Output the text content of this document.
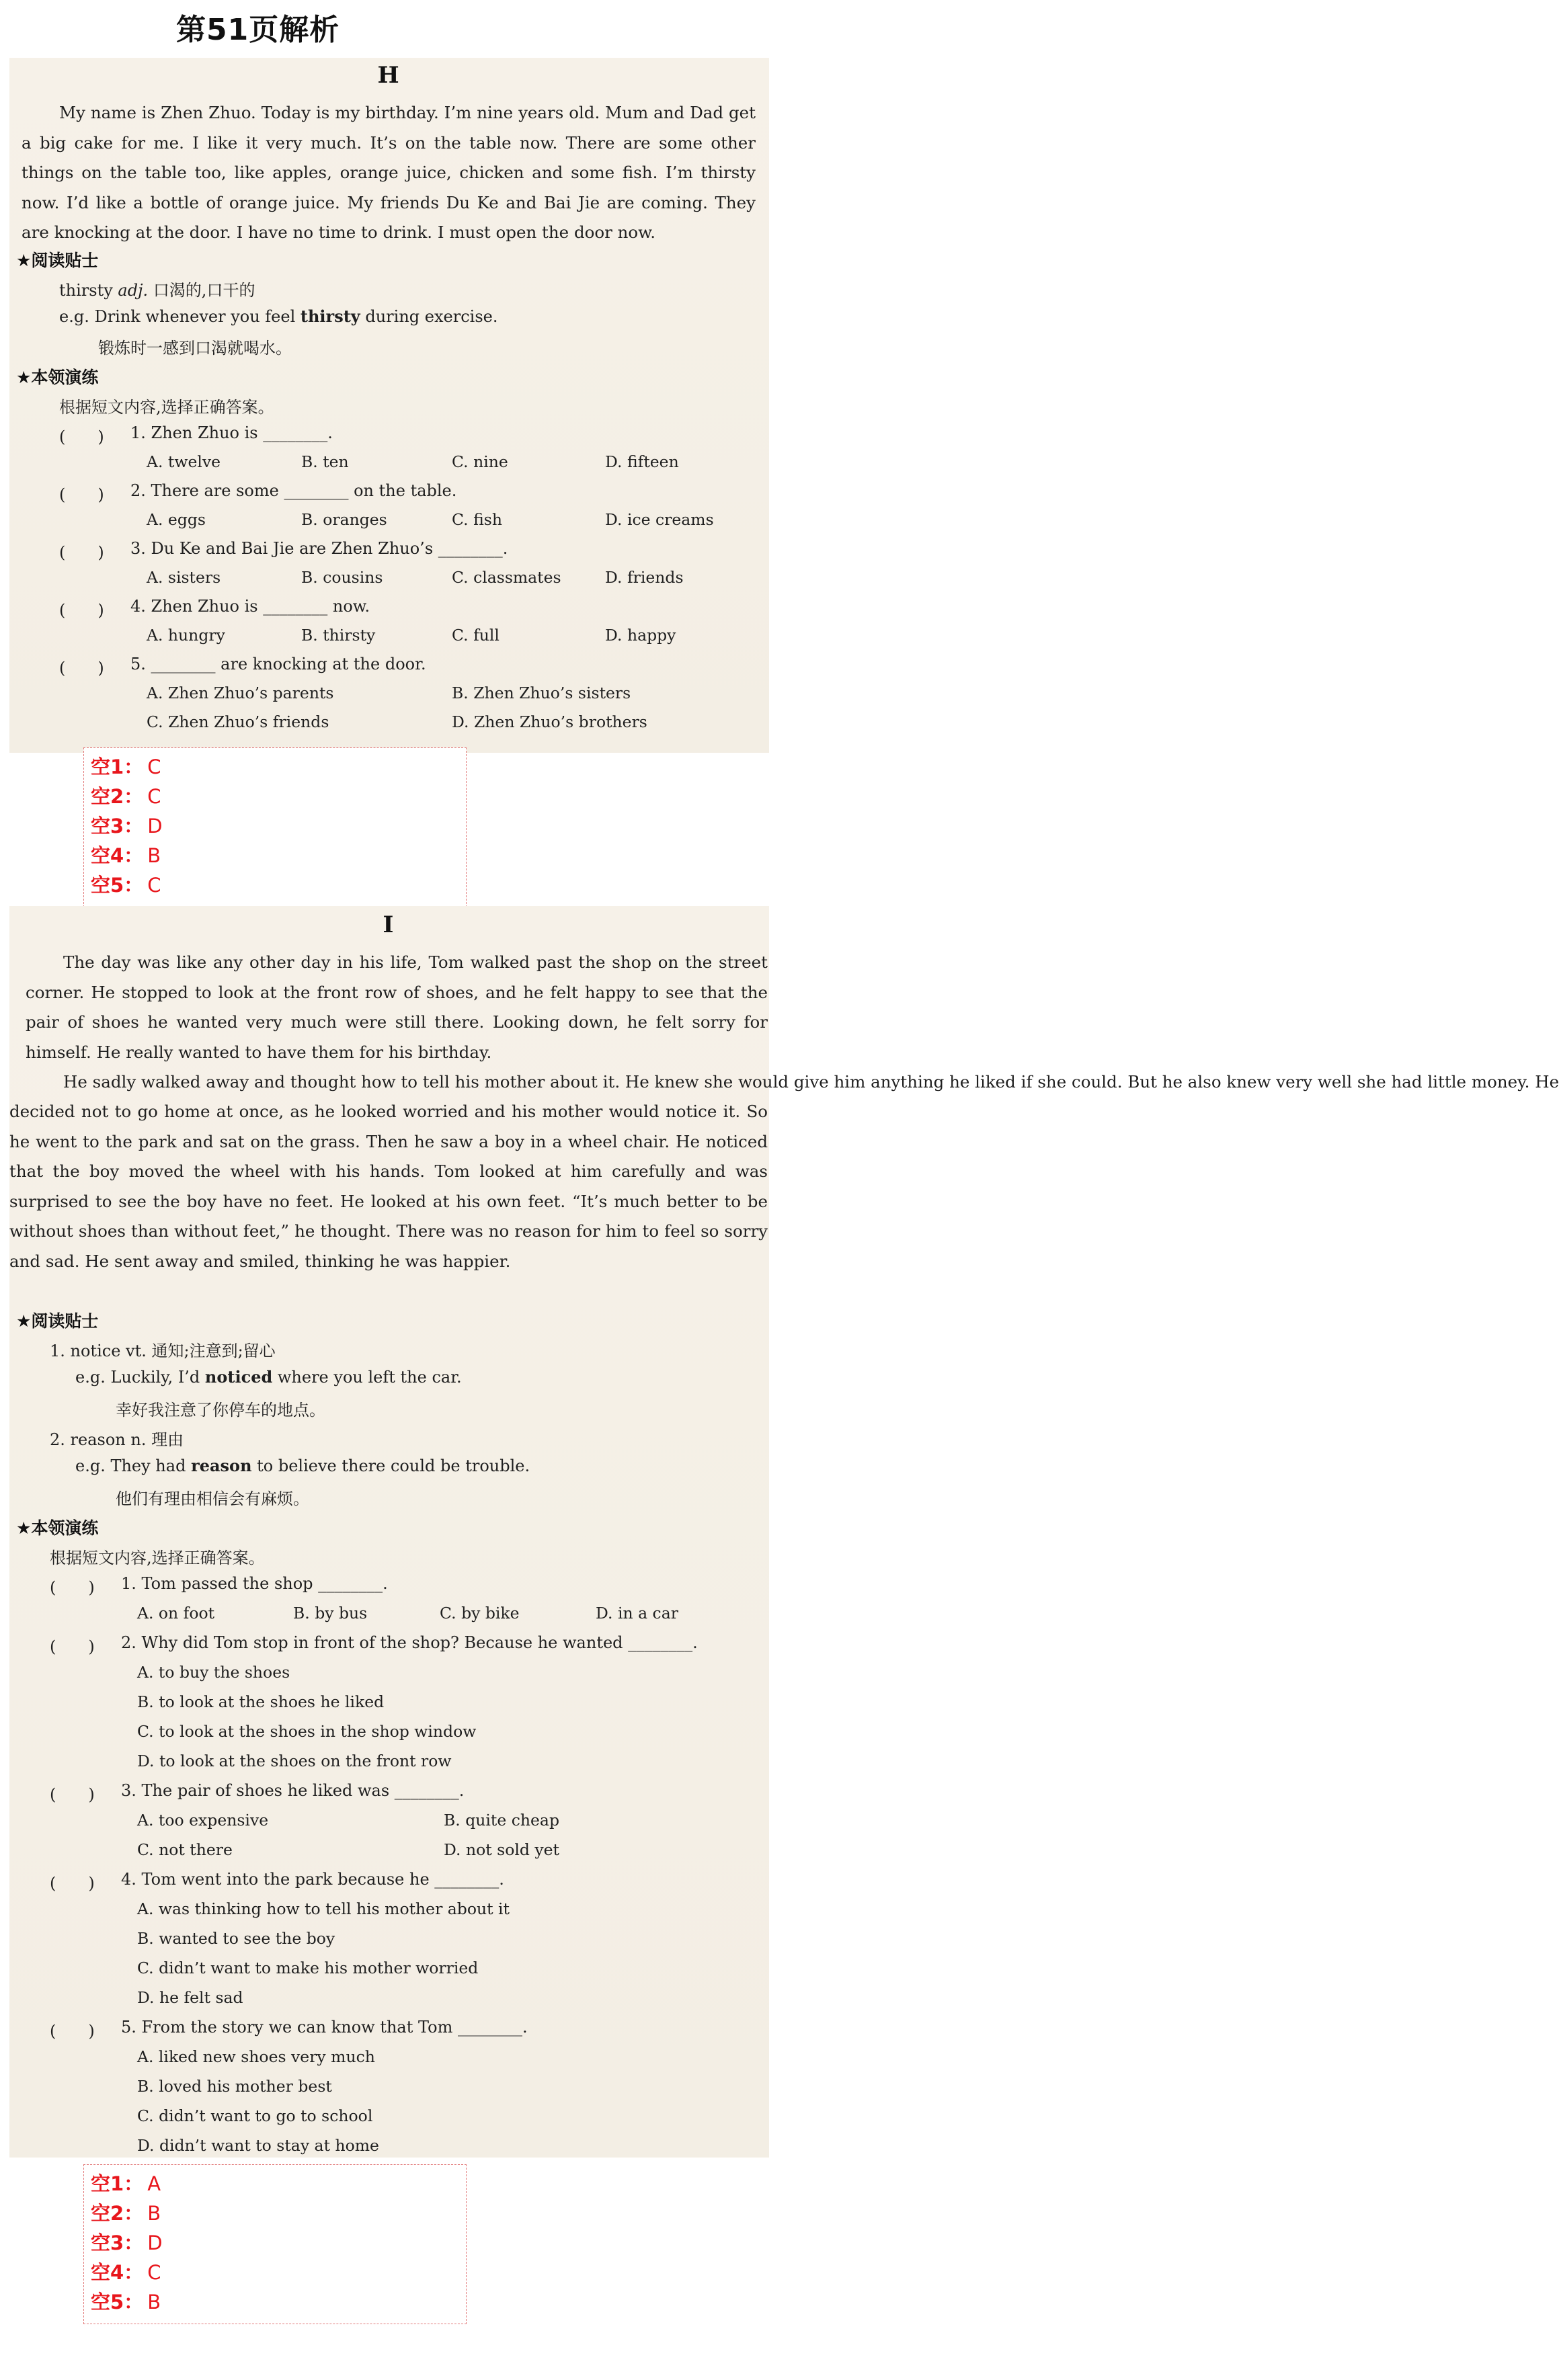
第51页解析
H
My name is Zhen Zhuo. Today is my birthday. I’m nine years old. Mum and Dad get a big cake for me. I like it very much. It’s on the table now. There are some other things on the table too, like apples, orange juice, chicken and some fish. I’m thirsty now. I’d like a bottle of orange juice. My friends Du Ke and Bai Jie are coming. They are knocking at the door. I have no time to drink. I must open the door now.
★阅读贴士
thirsty adj. 口渴的,口干的
e.g. Drink whenever you feel thirsty during exercise.
锻炼时一感到口渴就喝水。
★本领演练
根据短文内容,选择正确答案。
(　　) 1. Zhen Zhuo is ________.
A. twelve	B. ten	C. nine	D. fifteen
(　　) 2. There are some ________ on the table.
A. eggs	B. oranges	C. fish	D. ice creams
(　　) 3. Du Ke and Bai Jie are Zhen Zhuo’s ________.
A. sisters	B. cousins	C. classmates	D. friends
(　　) 4. Zhen Zhuo is ________ now.
A. hungry	B. thirsty	C. full	D. happy
(　　) 5. ________ are knocking at the door.
A. Zhen Zhuo’s parents	B. Zhen Zhuo’s sisters
C. Zhen Zhuo’s friends	D. Zhen Zhuo’s brothers
空1： C
空2： C
空3： D
空4： B
空5： C
I
The day was like any other day in his life, Tom walked past the shop on the street corner. He stopped to look at the front row of shoes, and he felt happy to see that the pair of shoes he wanted very much were still there. Looking down, he felt sorry for himself. He really wanted to have them for his birthday.
He sadly walked away and thought how to tell his mother about it. He knew she would give him anything he liked if she could. But he also knew very well she had little money. He
decided not to go home at once, as he looked worried and his mother would notice it. So he went to the park and sat on the grass. Then he saw a boy in a wheel chair. He noticed that the boy moved the wheel with his hands. Tom looked at him carefully and was surprised to see the boy have no feet. He looked at his own feet. “It’s much better to be without shoes than without feet,” he thought. There was no reason for him to feel so sorry and sad. He sent away and smiled, thinking he was happier.
★阅读贴士
1. notice vt. 通知;注意到;留心
e.g. Luckily, I’d noticed where you left the car.
幸好我注意了你停车的地点。
2. reason n. 理由
e.g. They had reason to believe there could be trouble.
他们有理由相信会有麻烦。
★本领演练
根据短文内容,选择正确答案。
(　　) 1. Tom passed the shop ________.
A. on foot	B. by bus	C. by bike	D. in a car
(　　) 2. Why did Tom stop in front of the shop? Because he wanted ________.
A. to buy the shoes
B. to look at the shoes he liked
C. to look at the shoes in the shop window
D. to look at the shoes on the front row
(　　) 3. The pair of shoes he liked was ________.
A. too expensive	B. quite cheap
C. not there	D. not sold yet
(　　) 4. Tom went into the park because he ________.
A. was thinking how to tell his mother about it
B. wanted to see the boy
C. didn’t want to make his mother worried
D. he felt sad
(　　) 5. From the story we can know that Tom ________.
A. liked new shoes very much
B. loved his mother best
C. didn’t want to go to school
D. didn’t want to stay at home
空1： A
空2： B
空3： D
空4： C
空5： B
